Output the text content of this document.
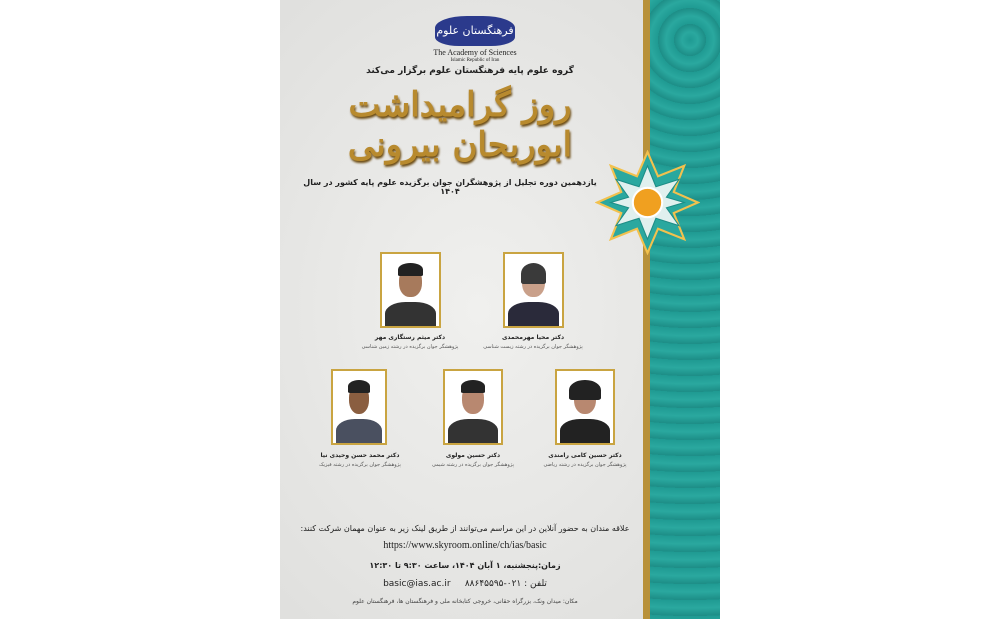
فرهنگستان علوم
The Academy of Sciences
Islamic Republic of Iran
گروه علوم پایه فرهنگستان علوم برگزار می‌کند
روز گرامیداشت ابوریحان بیرونی
یازدهمین دوره تجلیل از پژوهشگران جوان برگزیده علوم پایه کشور در سال ۱۴۰۴
دکتر میثم رستگاری مهر
پژوهشگر جوان برگزیده در رشته زمین شناسی
دکتر محیا مهرمحمدی
پژوهشگر جوان برگزیده در رشته زیست شناسی
دکتر محمد حسن وحیدی نیا
پژوهشگر جوان برگزیده در رشته فیزیک
دکتر حسین مولوی
پژوهشگر جوان برگزیده در رشته شیمی
دکتر حسین کامی رامندی
پژوهشگر جوان برگزیده در رشته ریاضی
علاقه مندان به حضور آنلاین در این مراسم می‌توانند از طریق لینک زیر به عنوان مهمان شرکت کنند:
https://www.skyroom.online/ch/ias/basic
زمان:پنجشنبه، ۱ آبان ۱۴۰۴، ساعت ۹:۳۰ تا ۱۲:۳۰
تلفن : ۰۲۱-۸۸۶۴۵۵۹۵     basic@ias.ac.ir
مکان: میدان ونک، بزرگراه حقانی، خروجی کتابخانه ملی و فرهنگستان ها، فرهنگستان علوم
